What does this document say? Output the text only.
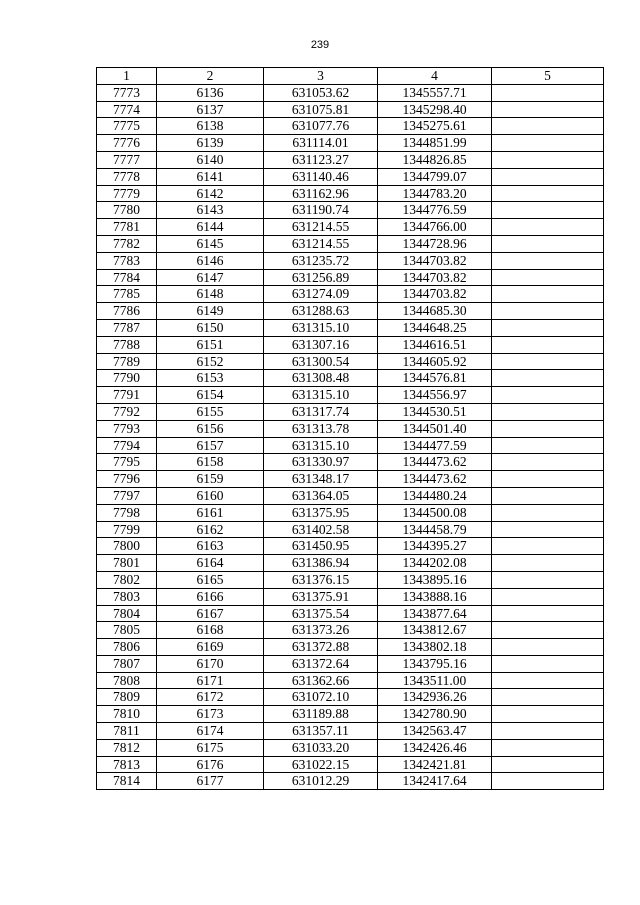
239
1	2	3	4	5
7773	6136	631053.62	1345557.71	
7774	6137	631075.81	1345298.40	
7775	6138	631077.76	1345275.61	
7776	6139	631114.01	1344851.99	
7777	6140	631123.27	1344826.85	
7778	6141	631140.46	1344799.07	
7779	6142	631162.96	1344783.20	
7780	6143	631190.74	1344776.59	
7781	6144	631214.55	1344766.00	
7782	6145	631214.55	1344728.96	
7783	6146	631235.72	1344703.82	
7784	6147	631256.89	1344703.82	
7785	6148	631274.09	1344703.82	
7786	6149	631288.63	1344685.30	
7787	6150	631315.10	1344648.25	
7788	6151	631307.16	1344616.51	
7789	6152	631300.54	1344605.92	
7790	6153	631308.48	1344576.81	
7791	6154	631315.10	1344556.97	
7792	6155	631317.74	1344530.51	
7793	6156	631313.78	1344501.40	
7794	6157	631315.10	1344477.59	
7795	6158	631330.97	1344473.62	
7796	6159	631348.17	1344473.62	
7797	6160	631364.05	1344480.24	
7798	6161	631375.95	1344500.08	
7799	6162	631402.58	1344458.79	
7800	6163	631450.95	1344395.27	
7801	6164	631386.94	1344202.08	
7802	6165	631376.15	1343895.16	
7803	6166	631375.91	1343888.16	
7804	6167	631375.54	1343877.64	
7805	6168	631373.26	1343812.67	
7806	6169	631372.88	1343802.18	
7807	6170	631372.64	1343795.16	
7808	6171	631362.66	1343511.00	
7809	6172	631072.10	1342936.26	
7810	6173	631189.88	1342780.90	
7811	6174	631357.11	1342563.47	
7812	6175	631033.20	1342426.46	
7813	6176	631022.15	1342421.81	
7814	6177	631012.29	1342417.64	
